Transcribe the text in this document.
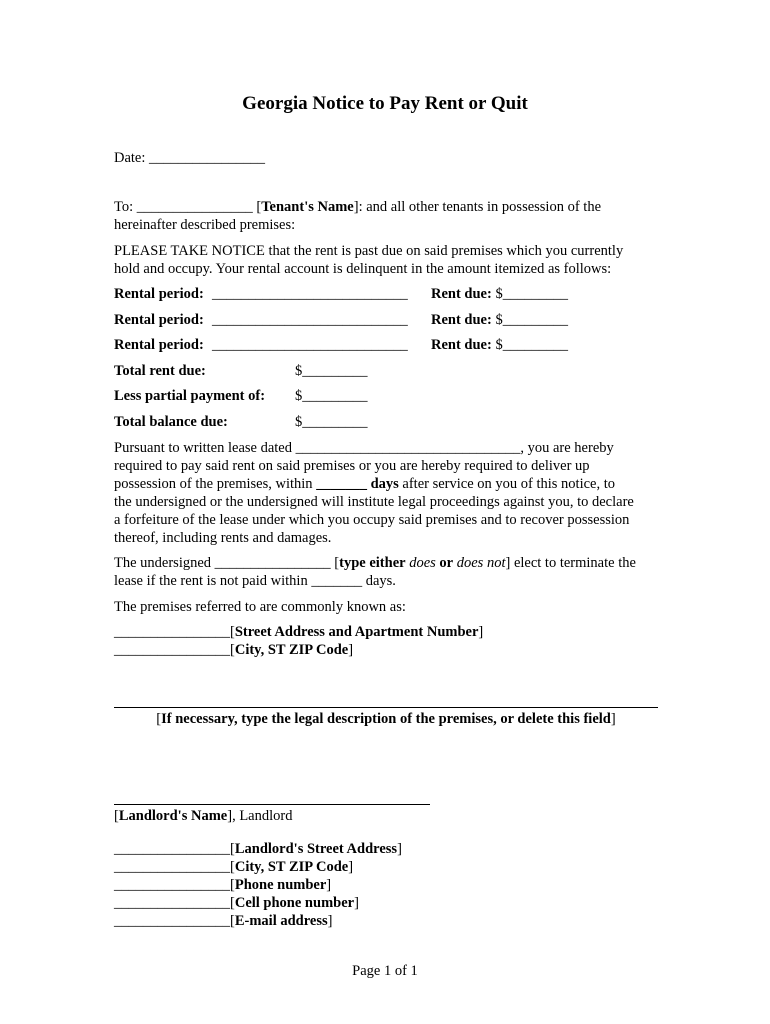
Georgia Notice to Pay Rent or Quit
Date: ________________
To: ________________ [Tenant's Name]: and all other tenants in possession of the
hereinafter described premises:
PLEASE TAKE NOTICE that the rent is past due on said premises which you currently
hold and occupy. Your rental account is delinquent in the amount itemized as follows:
Rental period: ___________________________ Rent due: $_________
Rental period: ___________________________ Rent due: $_________
Rental period: ___________________________ Rent due: $_________
Total rent due:	$_________
Less partial payment of: $_________
Total balance due:	$_________
Pursuant to written lease dated _______________________________, you are hereby
required to pay said rent on said premises or you are hereby required to deliver up
possession of the premises, within _______ days after service on you of this notice, to
the undersigned or the undersigned will institute legal proceedings against you, to declare
a forfeiture of the lease under which you occupy said premises and to recover possession
thereof, including rents and damages.
The undersigned ________________ [type either does or does not] elect to terminate the
lease if the rent is not paid within _______ days.
The premises referred to are commonly known as:
________________[Street Address and Apartment Number]
________________[City, ST ZIP Code]
[If necessary, type the legal description of the premises, or delete this field]
[Landlord's Name], Landlord
________________[Landlord's Street Address]
________________[City, ST ZIP Code]
________________[Phone number]
________________[Cell phone number]
________________[E-mail address]
Page 1 of 1
